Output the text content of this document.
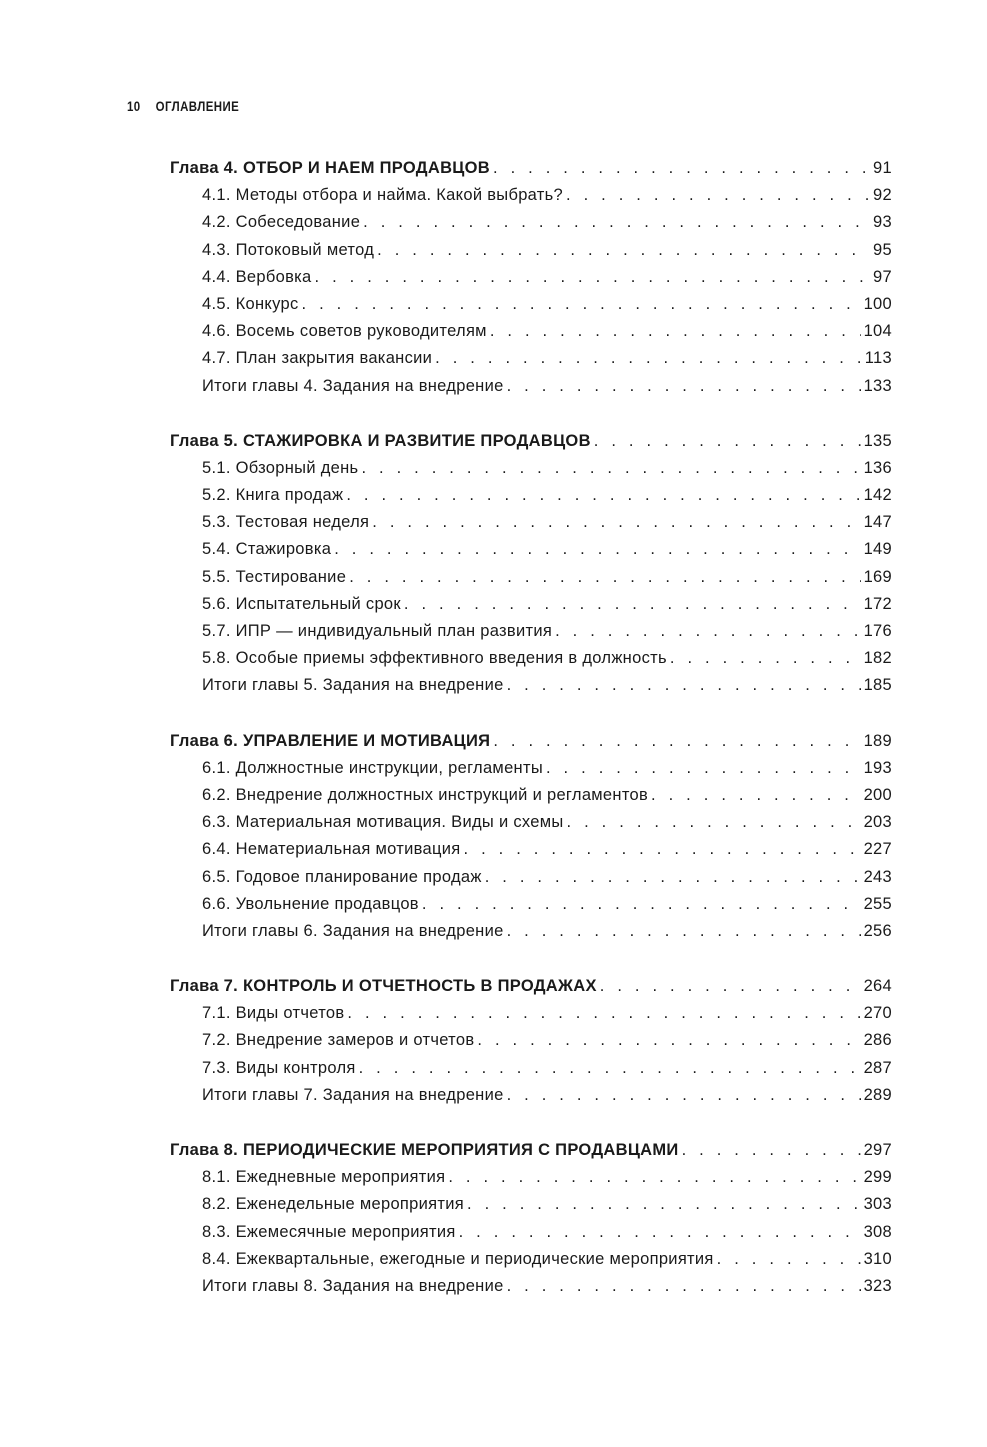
10 ОГЛАВЛЕНИЕ
Глава 4. ОТБОР И НАЕМ ПРОДАВЦОВ . . .	91
4.1. Методы отбора и найма. Какой выбрать? . . .	92
4.2. Собеседование . . .	93
4.3. Потоковый метод . . .	95
4.4. Вербовка . . .	97
4.5. Конкурс . . .	100
4.6. Восемь советов руководителям . . .	104
4.7. План закрытия вакансии . . .	113
Итоги главы 4. Задания на внедрение . . .	133
Глава 5. СТАЖИРОВКА И РАЗВИТИЕ ПРОДАВЦОВ . . .	135
5.1. Обзорный день . . .	136
5.2. Книга продаж . . .	142
5.3. Тестовая неделя . . .	147
5.4. Стажировка . . .	149
5.5. Тестирование . . .	169
5.6. Испытательный срок . . .	172
5.7. ИПР — индивидуальный план развития . . .	176
5.8. Особые приемы эффективного введения в должность . . .	182
Итоги главы 5. Задания на внедрение . . .	185
Глава 6. УПРАВЛЕНИЕ И МОТИВАЦИЯ . . .	189
6.1. Должностные инструкции, регламенты . . .	193
6.2. Внедрение должностных инструкций и регламентов . . .	200
6.3. Материальная мотивация. Виды и схемы . . .	203
6.4. Нематериальная мотивация . . .	227
6.5. Годовое планирование продаж . . .	243
6.6. Увольнение продавцов . . .	255
Итоги главы 6. Задания на внедрение . . .	256
Глава 7. КОНТРОЛЬ И ОТЧЕТНОСТЬ В ПРОДАЖАХ . . .	264
7.1. Виды отчетов . . .	270
7.2. Внедрение замеров и отчетов . . .	286
7.3. Виды контроля . . .	287
Итоги главы 7. Задания на внедрение . . .	289
Глава 8. ПЕРИОДИЧЕСКИЕ МЕРОПРИЯТИЯ С ПРОДАВЦАМИ . . .	297
8.1. Ежедневные мероприятия . . .	299
8.2. Еженедельные мероприятия . . .	303
8.3. Ежемесячные мероприятия . . .	308
8.4. Ежеквартальные, ежегодные и периодические мероприятия . . .	310
Итоги главы 8. Задания на внедрение . . .	323
